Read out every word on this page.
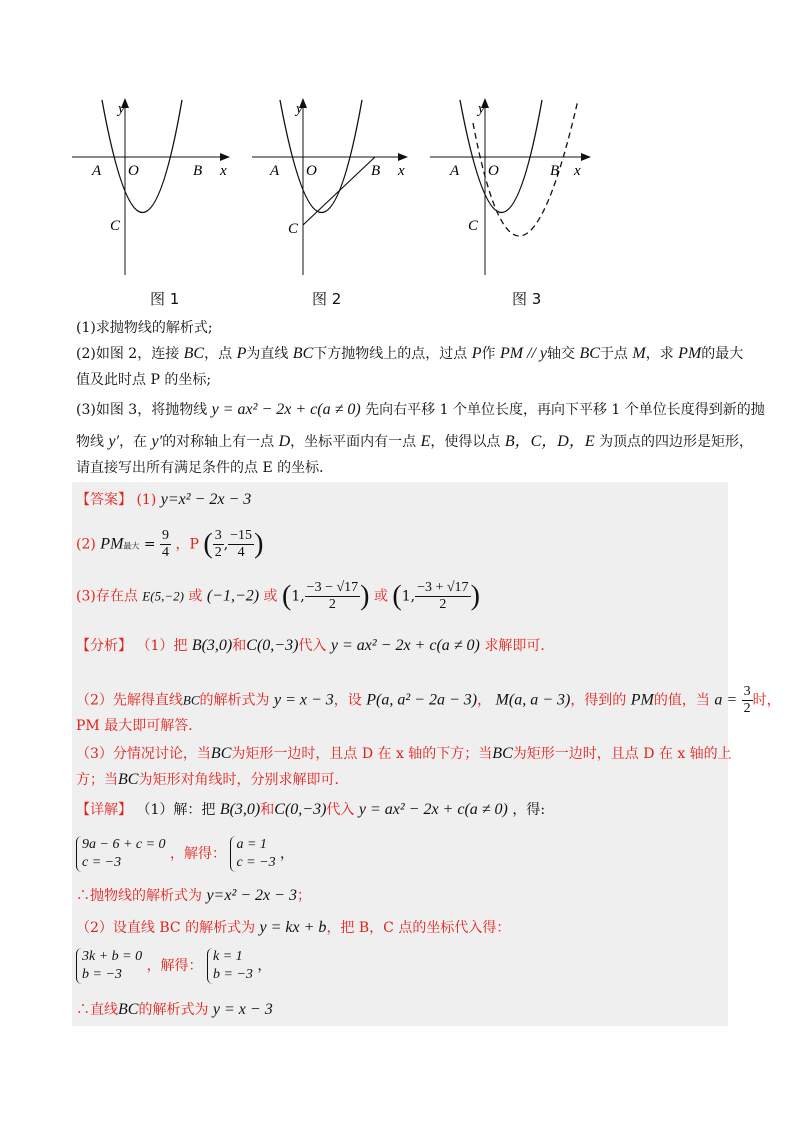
y
x
A O	B
C
图 1
y
x
A O	B
C
图 2
y
x
A O	B
C
图 3
(1)求抛物线的解析式;
(2)如图 2，连接 BC，点 P为直线 BC下方抛物线上的点，过点 P作 PM // y轴交 BC于点 M，求 PM的最大
值及此时点 P 的坐标;
(3)如图 3，将抛物线 y = ax² − 2x + c(a ≠ 0) 先向右平移 1 个单位长度，再向下平移 1 个单位长度得到新的抛
物线 y′，在 y′的对称轴上有一点 D，坐标平面内有一点 E，使得以点 B，C，D，E 为顶点的四边形是矩形，
请直接写出所有满足条件的点 E 的坐标．
【答案】 (1) y=x² − 2x − 3
(2) PM最大 = $\frac{9}{4}$ ，P ( $\frac{3}{2}$ , $\frac{-15}{4}$ )
(3)存在点 E(5,−2) 或 (−1,−2) 或 (1, $\frac{-3 - √17}{2}$ ) 或 (1, $\frac{-3 + √17}{2}$ )
【分析】 （1）把 B(3,0)和C(0,−3)代入 y = ax² − 2x + c(a ≠ 0) 求解即可．
（2）先解得直线BC的解析式为 y = x − 3，设 P(a, a² − 2a − 3)， M(a, a − 3)，得到的 PM的值，当 $a = \frac{3}{2}$ 时，
PM 最大即可解答．
（3）分情况讨论，当BC为矩形一边时，且点 D 在 x 轴的下方；当BC为矩形一边时，且点 D 在 x 轴的上
方；当BC为矩形对角线时，分别求解即可．
【详解】 （1）解：把 B(3,0)和C(0,−3)代入 y = ax² − 2x + c(a ≠ 0) ，得:
9a − 6 + c = 0
c = −3
，解得：
a = 1
c = −3
，
∴抛物线的解析式为 y=x² − 2x − 3；
（2）设直线 BC 的解析式为 y = kx + b，把 B，C 点的坐标代入得：
3k + b = 0
b = −3
，解得：
k = 1
b = −3
，
∴直线BC的解析式为 y = x − 3
